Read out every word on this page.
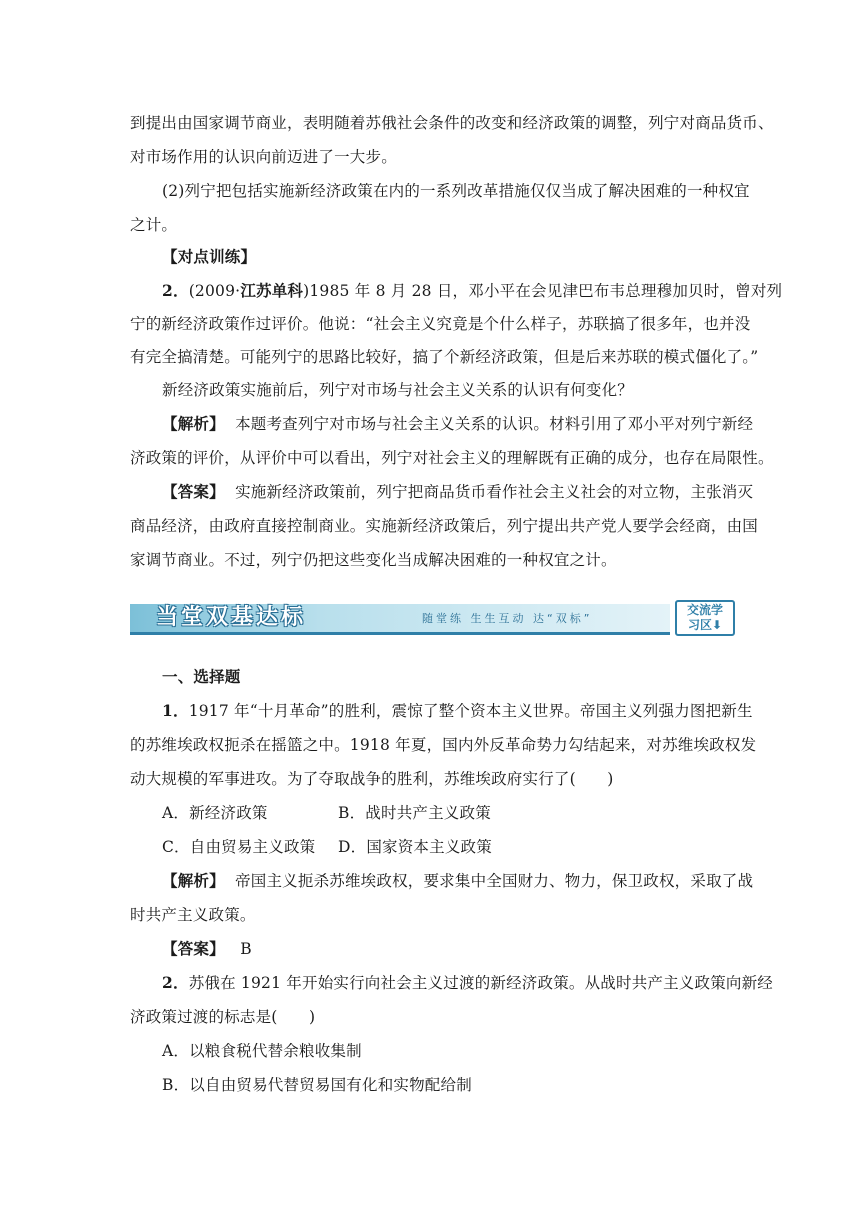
到提出由国家调节商业，表明随着苏俄社会条件的改变和经济政策的调整，列宁对商品货币、
对市场作用的认识向前迈进了一大步。
(2)列宁把包括实施新经济政策在内的一系列改革措施仅仅当成了解决困难的一种权宜
之计。
【对点训练】
2．(2009·江苏单科)1985 年 8 月 28 日，邓小平在会见津巴布韦总理穆加贝时，曾对列
宁的新经济政策作过评价。他说：“社会主义究竟是个什么样子，苏联搞了很多年，也并没
有完全搞清楚。可能列宁的思路比较好，搞了个新经济政策，但是后来苏联的模式僵化了。”
新经济政策实施前后，列宁对市场与社会主义关系的认识有何变化？
【解析】 本题考查列宁对市场与社会主义关系的认识。材料引用了邓小平对列宁新经
济政策的评价，从评价中可以看出，列宁对社会主义的理解既有正确的成分，也存在局限性。
【答案】 实施新经济政策前，列宁把商品货币看作社会主义社会的对立物，主张消灭
商品经济，由政府直接控制商业。实施新经济政策后，列宁提出共产党人要学会经商，由国
家调节商业。不过，列宁仍把这些变化当成解决困难的一种权宜之计。
当堂双基达标	随堂练 生生互动 达“双标”
交流学
习区⬇
一、选择题
1．1917 年“十月革命”的胜利，震惊了整个资本主义世界。帝国主义列强力图把新生
的苏维埃政权扼杀在摇篮之中。1918 年夏，国内外反革命势力勾结起来，对苏维埃政权发
动大规模的军事进攻。为了夺取战争的胜利，苏维埃政府实行了(　　)
A．新经济政策	B．战时共产主义政策
C．自由贸易主义政策 D．国家资本主义政策
【解析】 帝国主义扼杀苏维埃政权，要求集中全国财力、物力，保卫政权，采取了战
时共产主义政策。
【答案】 B
2．苏俄在 1921 年开始实行向社会主义过渡的新经济政策。从战时共产主义政策向新经
济政策过渡的标志是(　　)
A．以粮食税代替余粮收集制
B．以自由贸易代替贸易国有化和实物配给制
